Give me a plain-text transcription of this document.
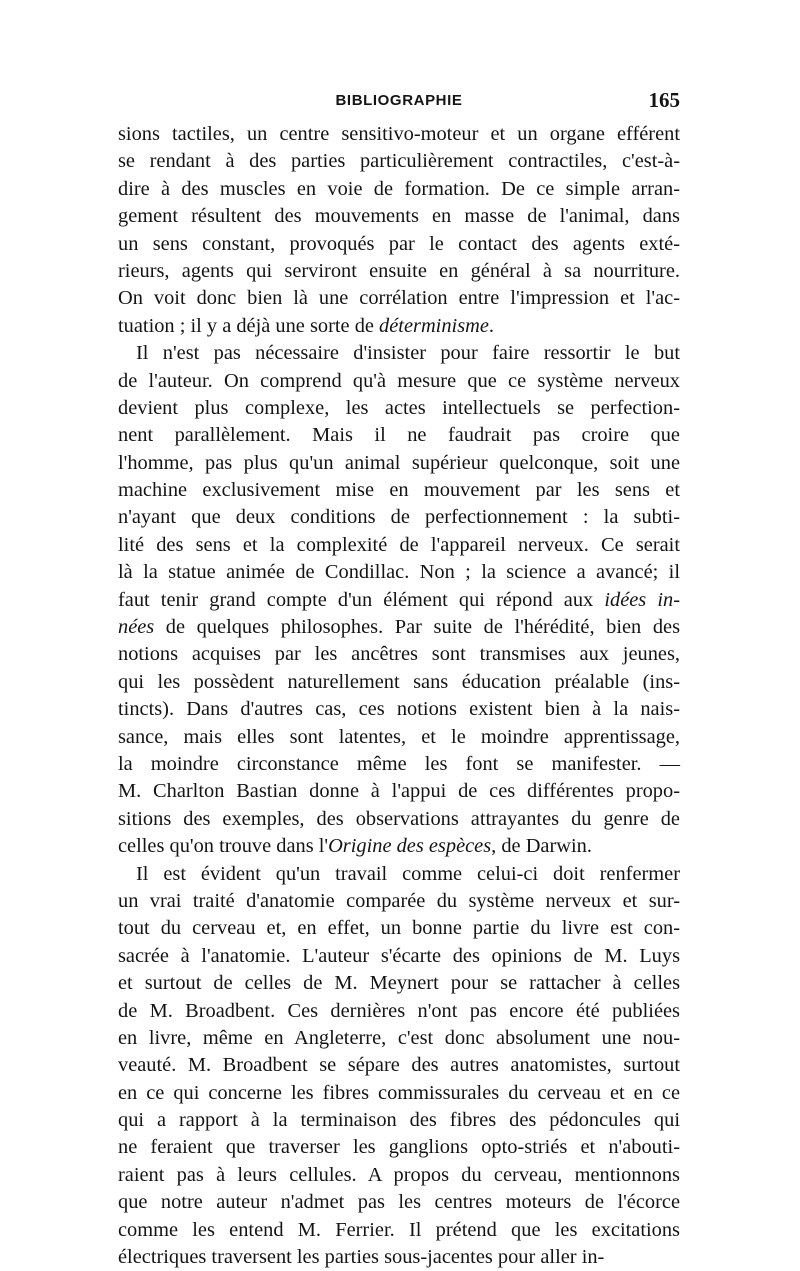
BIBLIOGRAPHIE	165
sions tactiles, un centre sensitivo-moteur et un organe efférent
se rendant à des parties particulièrement contractiles, c'est-à-
dire à des muscles en voie de formation. De ce simple arran-
gement résultent des mouvements en masse de l'animal, dans
un sens constant, provoqués par le contact des agents exté-
rieurs, agents qui serviront ensuite en général à sa nourriture.
On voit donc bien là une corrélation entre l'impression et l'ac-
tuation ; il y a déjà une sorte de déterminisme.
Il n'est pas nécessaire d'insister pour faire ressortir le but
de l'auteur. On comprend qu'à mesure que ce système nerveux
devient plus complexe, les actes intellectuels se perfection-
nent parallèlement. Mais il ne faudrait pas croire que
l'homme, pas plus qu'un animal supérieur quelconque, soit une
machine exclusivement mise en mouvement par les sens et
n'ayant que deux conditions de perfectionnement : la subti-
lité des sens et la complexité de l'appareil nerveux. Ce serait
là la statue animée de Condillac. Non ; la science a avancé; il
faut tenir grand compte d'un élément qui répond aux idées in-
nées de quelques philosophes. Par suite de l'hérédité, bien des
notions acquises par les ancêtres sont transmises aux jeunes,
qui les possèdent naturellement sans éducation préalable (ins-
tincts). Dans d'autres cas, ces notions existent bien à la nais-
sance, mais elles sont latentes, et le moindre apprentissage,
la moindre circonstance même les font se manifester. —
M. Charlton Bastian donne à l'appui de ces différentes propo-
sitions des exemples, des observations attrayantes du genre de
celles qu'on trouve dans l'Origine des espèces, de Darwin.
Il est évident qu'un travail comme celui-ci doit renfermer
un vrai traité d'anatomie comparée du système nerveux et sur-
tout du cerveau et, en effet, un bonne partie du livre est con-
sacrée à l'anatomie. L'auteur s'écarte des opinions de M. Luys
et surtout de celles de M. Meynert pour se rattacher à celles
de M. Broadbent. Ces dernières n'ont pas encore été publiées
en livre, même en Angleterre, c'est donc absolument une nou-
veauté. M. Broadbent se sépare des autres anatomistes, surtout
en ce qui concerne les fibres commissurales du cerveau et en ce
qui a rapport à la terminaison des fibres des pédoncules qui
ne feraient que traverser les ganglions opto-striés et n'abouti-
raient pas à leurs cellules. A propos du cerveau, mentionnons
que notre auteur n'admet pas les centres moteurs de l'écorce
comme les entend M. Ferrier. Il prétend que les excitations
électriques traversent les parties sous-jacentes pour aller in-
